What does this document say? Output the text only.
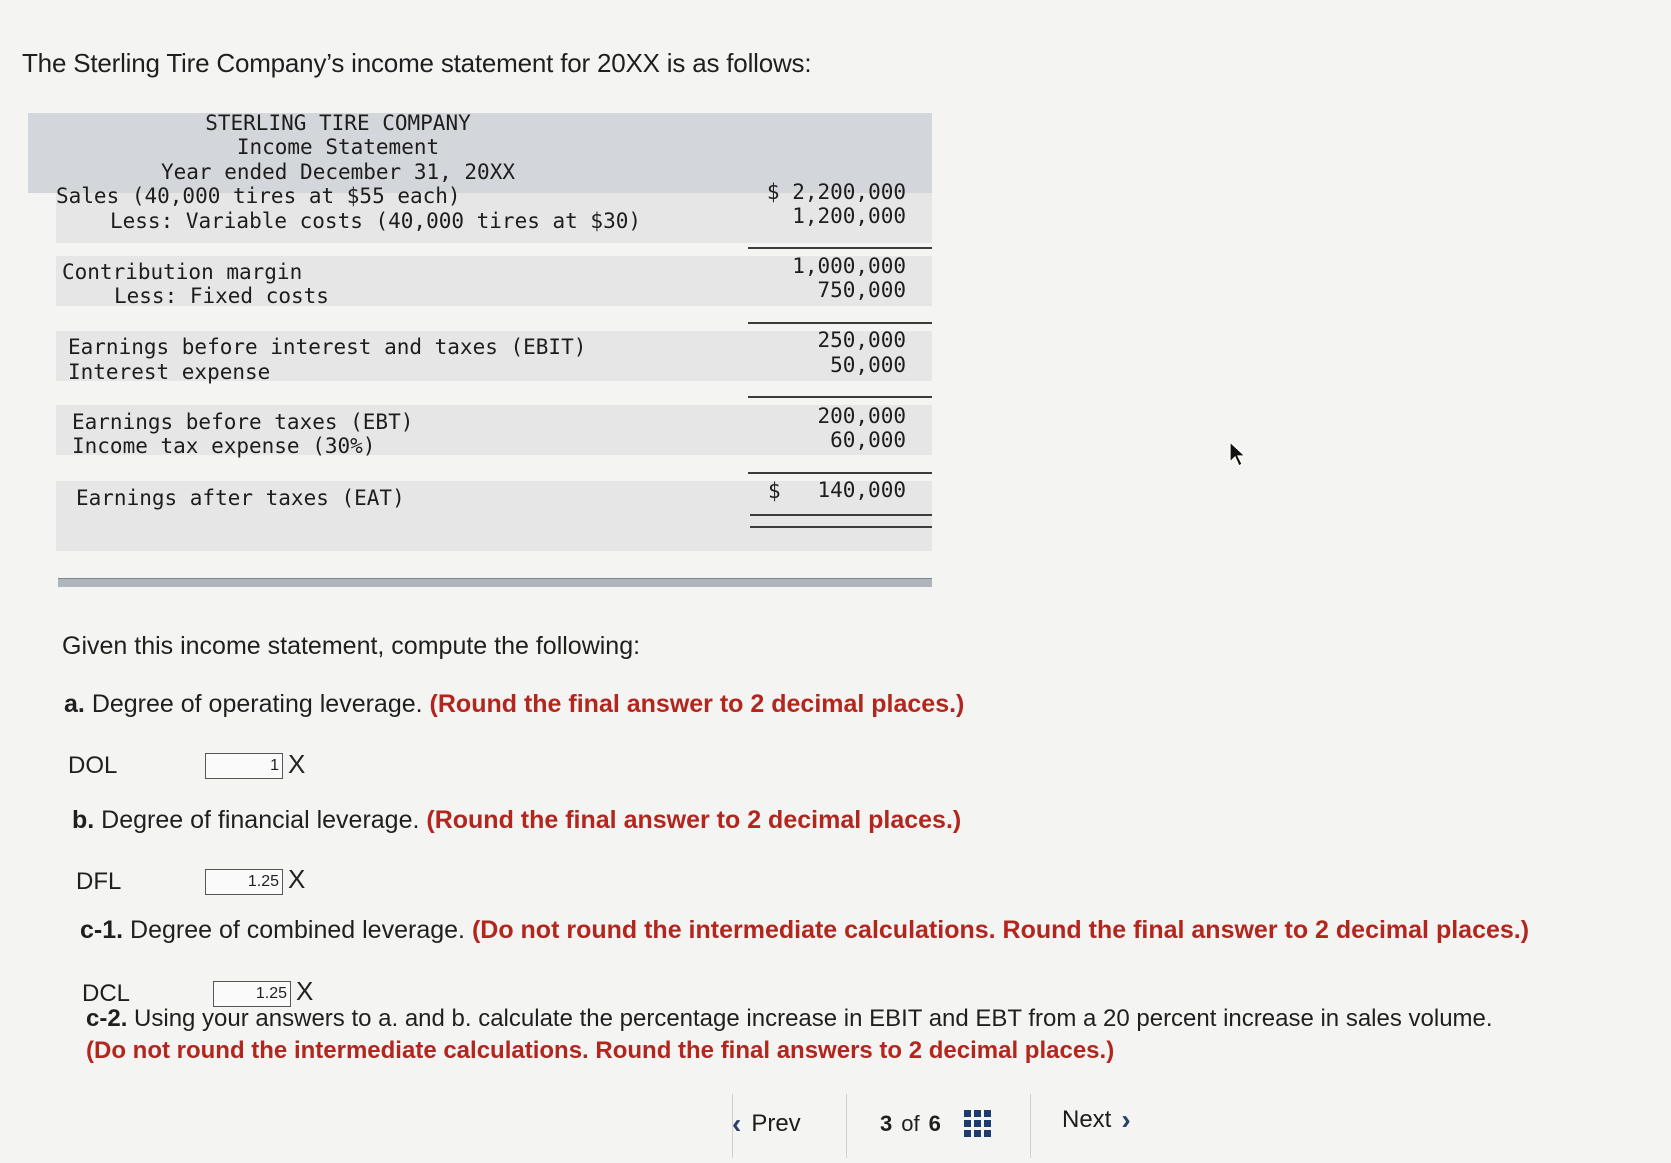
The Sterling Tire Company’s income statement for 20XX is as follows:
STERLING TIRE COMPANY
Income Statement
Year ended December 31, 20XX
Sales (40,000 tires at $55 each)	$ 2,200,000
Less: Variable costs (40,000 tires at $30)	1,200,000
Contribution margin	1,000,000
Less: Fixed costs	750,000
Earnings before interest and taxes (EBIT)	250,000
Interest expense	50,000
Earnings before taxes (EBT)	200,000
Income tax expense (30%)	60,000
Earnings after taxes (EAT)	$ 140,000
Given this income statement, compute the following:
a. Degree of operating leverage. (Round the final answer to 2 decimal places.)
DOL	1 X
b. Degree of financial leverage. (Round the final answer to 2 decimal places.)
DFL	1.25 X
c-1. Degree of combined leverage. (Do not round the intermediate calculations. Round the final answer to 2 decimal places.)
DCL	1.25 X
c-2. Using your answers to a. and b. calculate the percentage increase in EBIT and EBT from a 20 percent increase in sales volume.
(Do not round the intermediate calculations. Round the final answers to 2 decimal places.)
‹ Prev	3 of 6	Next ›
